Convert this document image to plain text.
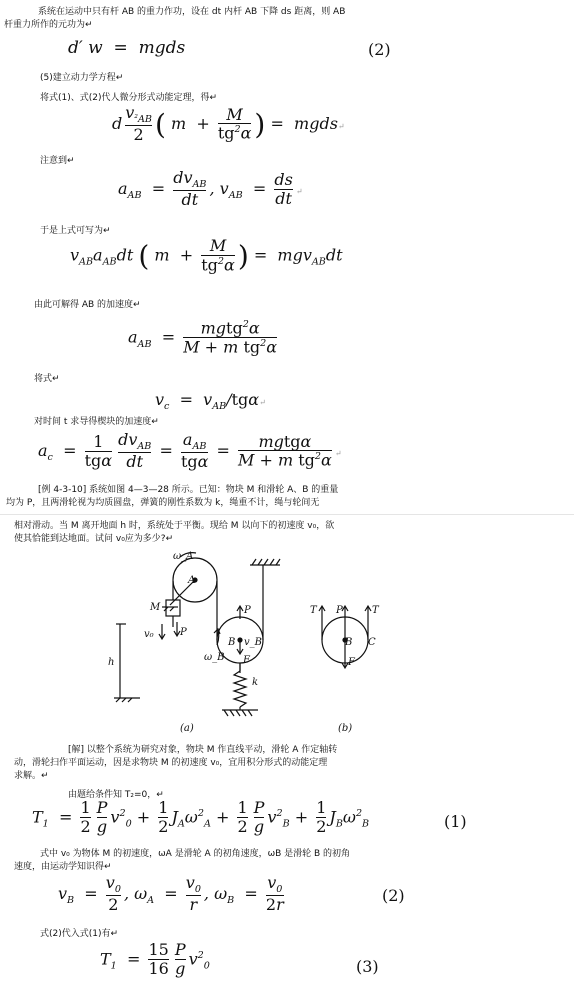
系统在运动中只有杆 AB 的重力作功，设在 dt 内杆 AB 下降 ds 距离，则 AB
杆重力所作的元功为↵
d′ w  =  mgds	(2)
(5)建立动力学方程↵
将式(1)、式(2)代人微分形式动能定理，得↵
d $\frac{v_{^2AB}}{2}$ ( $m + \frac{M}{tg^2\alpha}$ ) =  mgds↵
注意到↵
$a_{AB} = \frac{dv_{AB}}{dt}$ , $v_{AB} = \frac{ds}{dt}$ ↵
于是上式可写为↵
$v_{AB}a_{AB}dt$ ( $m + \frac{M}{tg^2\alpha}$ ) =  mgv$_{AB}$dt
由此可解得 AB 的加速度↵
$a_{AB} = \frac{mgtg^2\alpha}{M + m tg^2\alpha}$
将式↵
$v_c$  =  $v_{AB}/tg\alpha↵$
对时间 t 求导得楔块的加速度↵
$a_c = \frac{1}{\text{tgα}} \frac{dv_{AB}}{dt} = \frac{a_{AB}}{\text{tgα}} = \frac{\text{mgtgα}}{M + m tg^2\alpha}$ ↵
[例 4-3-10] 系统如图 4—3—28 所示。已知：物块 M 和滑轮 A、B 的重量
均为 P，且两滑轮视为均质圆盘，弹簧的刚性系数为 k，绳重不计，绳与轮间无
相对滑动。当 M 离开地面 h 时，系统处于平衡。现给 M 以向下的初速度 v₀，欲
使其恰能到达地面。试问 v₀应为多少?↵
ω_A
A
M
v₀	P
h
B v_B
P
ω_B F
k
T P	T
B C
F
(a)	(b)
[解] 以整个系统为研究对象，物块 M 作直线平动，滑轮 A 作定轴转
动，滑轮扫作平面运动，因是求物块 M 的初速度 v₀，宜用积分形式的动能定理
求解。↵
由题给条件知 T₂=0，↵
$T_1 = \frac{1}{2} \frac{P}{g} v^2_0 + \frac{1}{2} J_A\omega^2_A + \frac{1}{2} \frac{P}{g} v^2_B + \frac{1}{2} J_B\omega^2_B$	(1)
式中 v₀ 为物体 M 的初速度，ωA 是滑轮 A 的初角速度，ωB 是滑轮 B 的初角
速度，由运动学知识得↵
$v_B = \frac{v_0}{2}$ , $\omega_A = \frac{v_0}{r}$ , $\omega_B = \frac{v_0}{2r}$	(2)
式(2)代入式(1)有↵
$T_1 = \frac{15}{16} \frac{P}{g} v^2_0$	(3)
